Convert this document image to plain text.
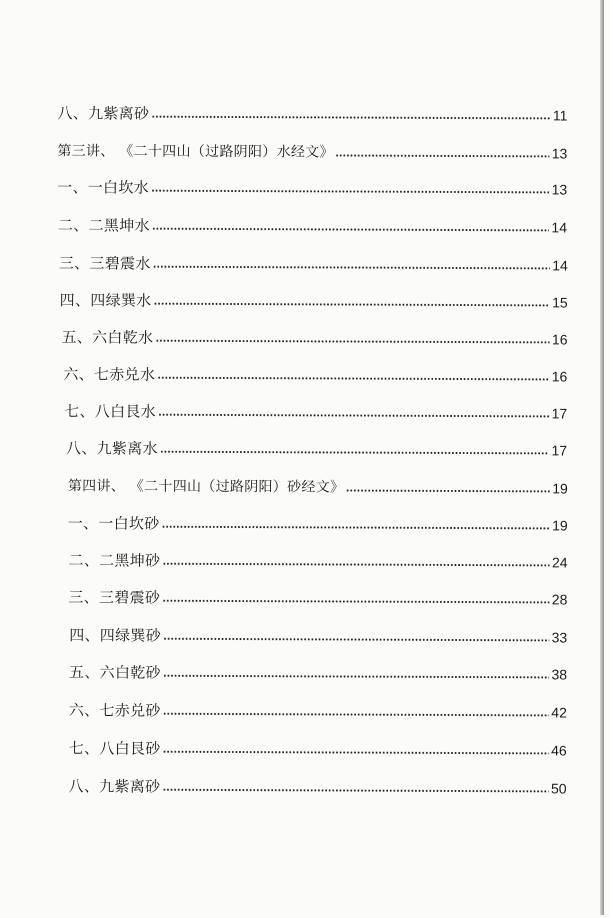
八、九紫离砂	11
第三讲、 《二十四山（过路阴阳）水经文》	13
一、一白坎水	13
二、二黑坤水	14
三、三碧震水	14
四、四绿巽水	15
五、六白乾水	16
六、七赤兑水	16
七、八白艮水	17
八、九紫离水	17
第四讲、 《二十四山（过路阴阳）砂经文》	19
一、一白坎砂	19
二、二黑坤砂	24
三、三碧震砂	28
四、四绿巽砂	33
五、六白乾砂	38
六、七赤兑砂	42
七、八白艮砂	46
八、九紫离砂	50
